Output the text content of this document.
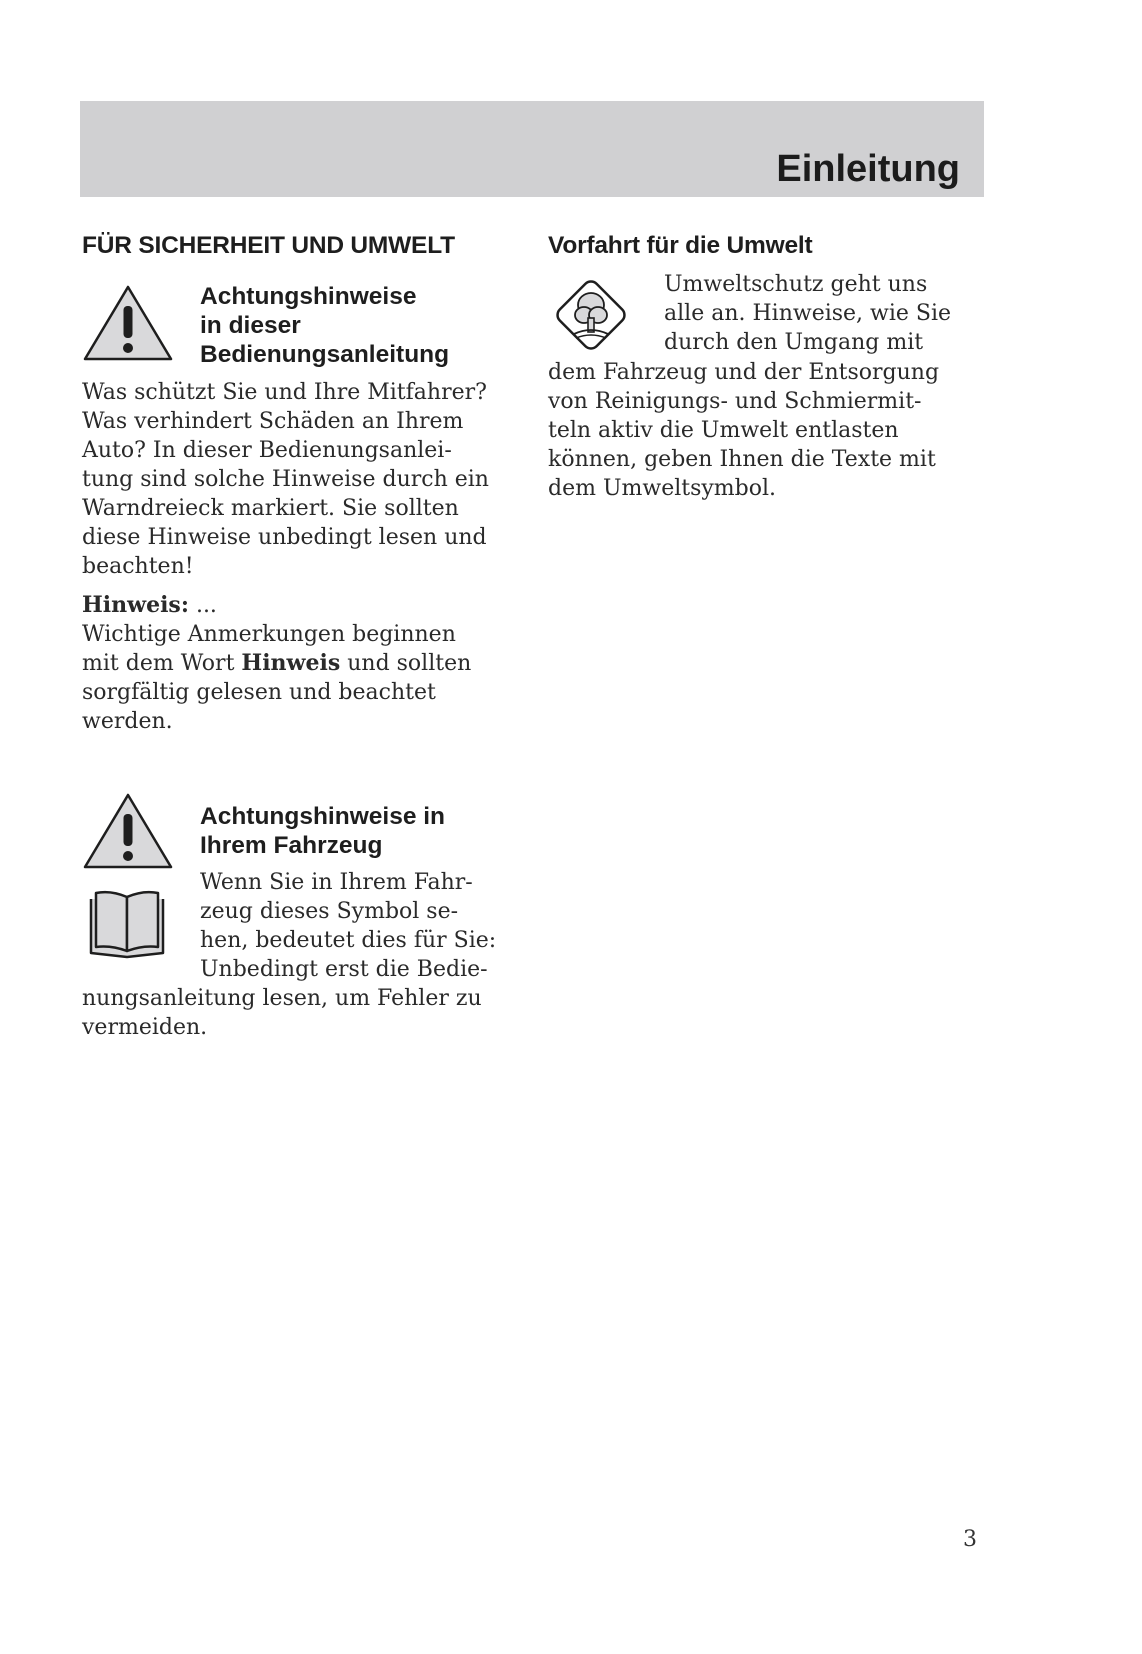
Einleitung
FÜR SICHERHEIT UND UMWELT
Achtungshinweise
in dieser
Bedienungsanleitung
Was schützt Sie und Ihre Mitfahrer?
Was verhindert Schäden an Ihrem
Auto? In dieser Bedienungsanlei-
tung sind solche Hinweise durch ein
Warndreieck markiert. Sie sollten
diese Hinweise unbedingt lesen und
beachten!
Hinweis: ...
Wichtige Anmerkungen beginnen
mit dem Wort Hinweis und sollten
sorgfältig gelesen und beachtet
werden.
Achtungshinweise in
Ihrem Fahrzeug
Wenn Sie in Ihrem Fahr-
zeug dieses Symbol se-
hen, bedeutet dies für Sie:
Unbedingt erst die Bedie-
nungsanleitung lesen, um Fehler zu
vermeiden.
Vorfahrt für die Umwelt
Umweltschutz geht uns
alle an. Hinweise, wie Sie
durch den Umgang mit
dem Fahrzeug und der Entsorgung
von Reinigungs- und Schmiermit-
teln aktiv die Umwelt entlasten
können, geben Ihnen die Texte mit
dem Umweltsymbol.
3
